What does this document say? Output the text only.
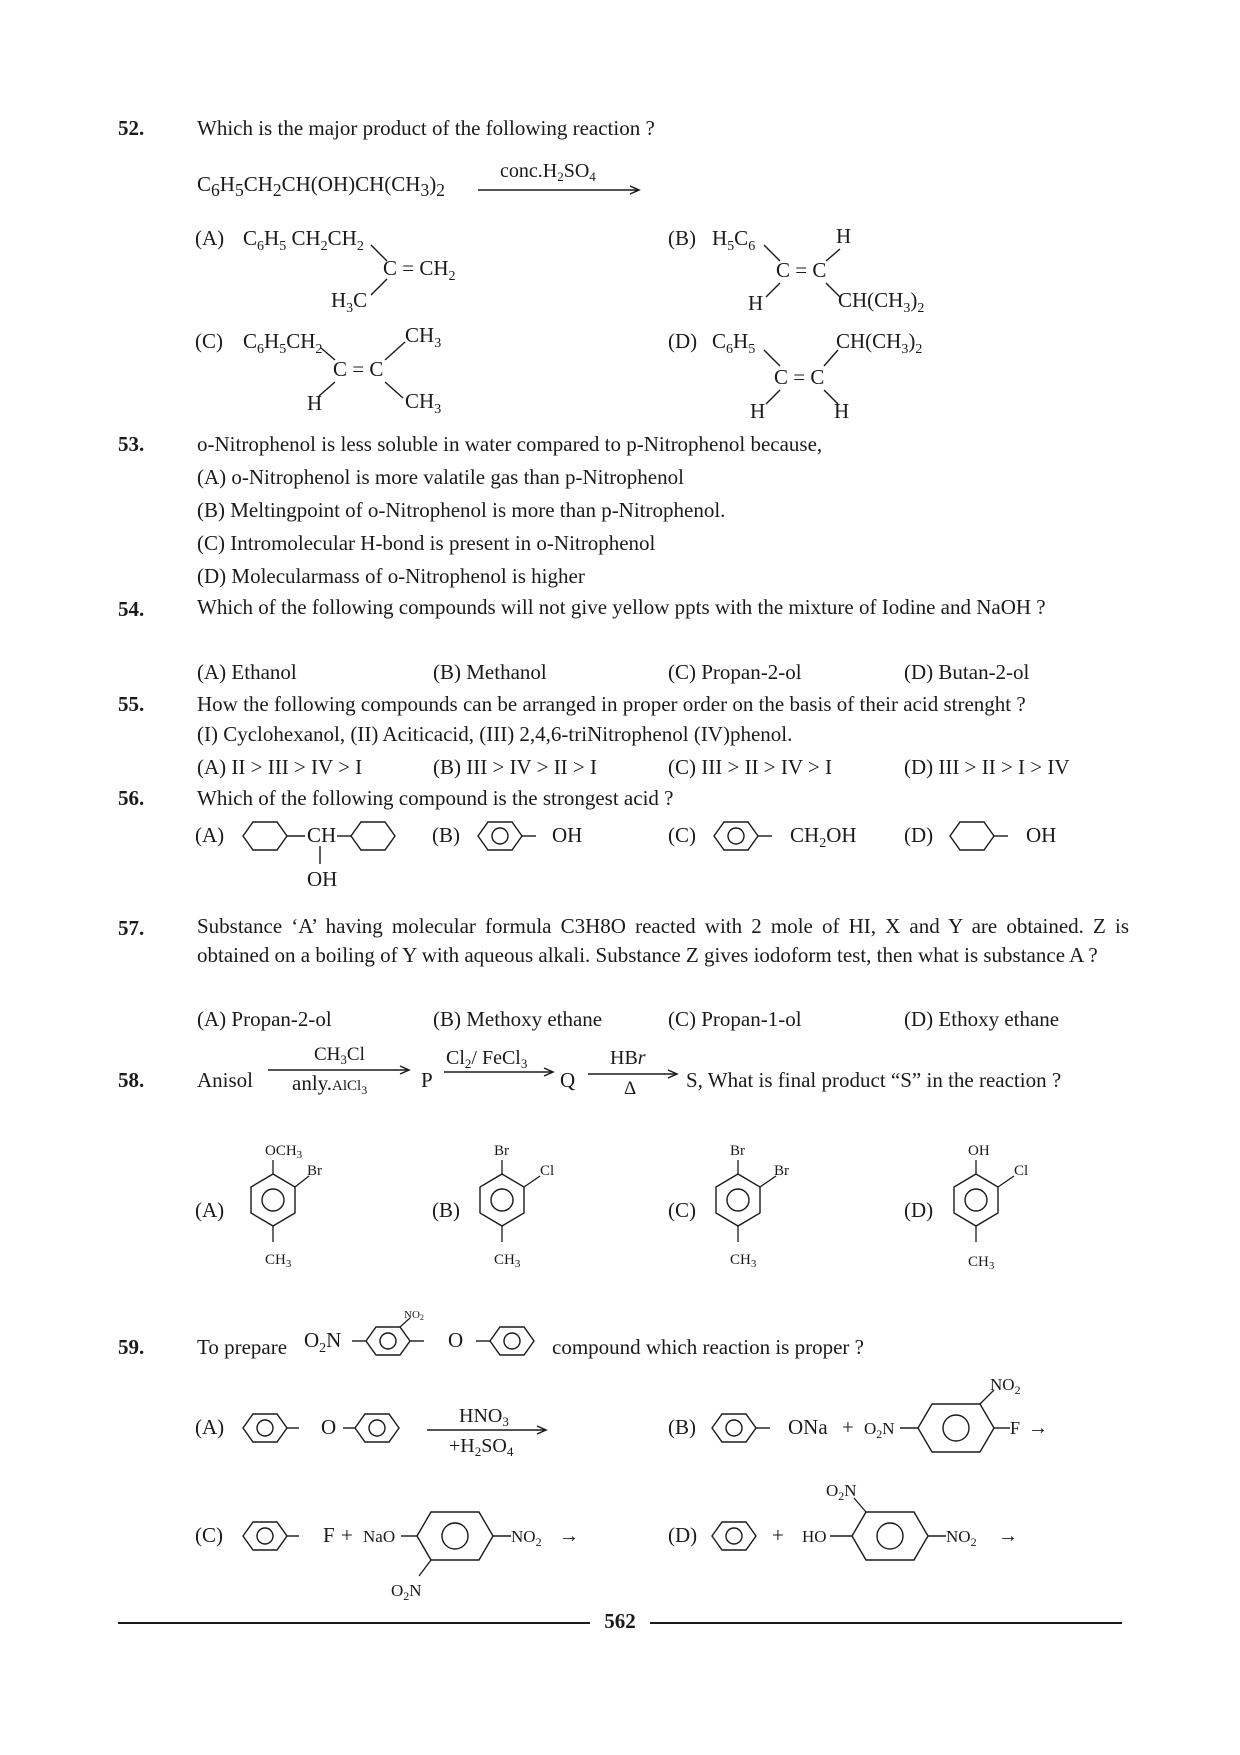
52.	Which is the major product of the following reaction ?
$C_6H_5CH_2CH(OH)CH(CH_3)_2$
$conc.H_2SO_4$
(A) $C_6H_5$ $CH_2CH_2$
$C = CH_2$
$H_3C$
(B) $H_5C_6$	H
C = C
H	$CH(CH_3)_2$
(C) $C_6H_5CH_2$
$CH_3$
C = C
H	$CH_3$
(D) $C_6H_5$	$CH(CH_3)_2$
C = C
H	H
53.	o-Nitrophenol is less soluble in water compared to p-Nitrophenol because,
(A) o-Nitrophenol is more valatile gas than p-Nitrophenol
(B) Meltingpoint of o-Nitrophenol is more than p-Nitrophenol.
(C) Intromolecular H-bond is present in o-Nitrophenol
(D) Molecularmass of o-Nitrophenol is higher
54.	Which of the following compounds will not give yellow ppts with the mixture of Iodine and NaOH ?
(A) Ethanol	(B) Methanol	(C) Propan-2-ol	(D) Butan-2-ol
55.	How the following compounds can be arranged in proper order on the basis of their acid strenght ?
(I) Cyclohexanol, (II) Aciticacid, (III) 2,4,6-triNitrophenol (IV)phenol.
(A) II > III > IV > I	(B) III > IV > II > I	(C) III > II > IV > I	(D) III > II > I > IV
56.	Which of the following compound is the strongest acid ?
(A)	CH
OH
(B)	OH	(C)	$CH_2OH$ (D)	OH
57.	Substance ‘A’ having molecular formula C3H8O reacted with 2 mole of HI, X and Y are obtained. Z is obtained on a boiling of Y with aqueous alkali. Substance Z gives iodoform test, then what is substance A ?
(A) Propan-2-ol	(B) Methoxy ethane	(C) Propan-1-ol	(D) Ethoxy ethane
58.	Anisol
$CH_3Cl$
anly.AlCl3	P
$Cl_2/$ FeCl$_3$
Q
HBr
Δ S, What is final product “S” in the reaction ?
(A)
$OCH_3$
Br
$CH_3$
(B)
Br
Cl
$CH_3$
(C)
Br
Br
$CH_3$
(D)
OH
Cl
$CH_3$
59.	To prepare $O_2N$
NO2
O	compound which reaction is proper ?
(A)	O	$HNO_3$
$+H_2SO_4$
(B)	ONa + $O_2N$
$NO_2$
F →
(C)	F + NaO	$NO_2$ →
$O_2N$
(D)	+ HO
$O_2N$
$NO_2$ →
562
